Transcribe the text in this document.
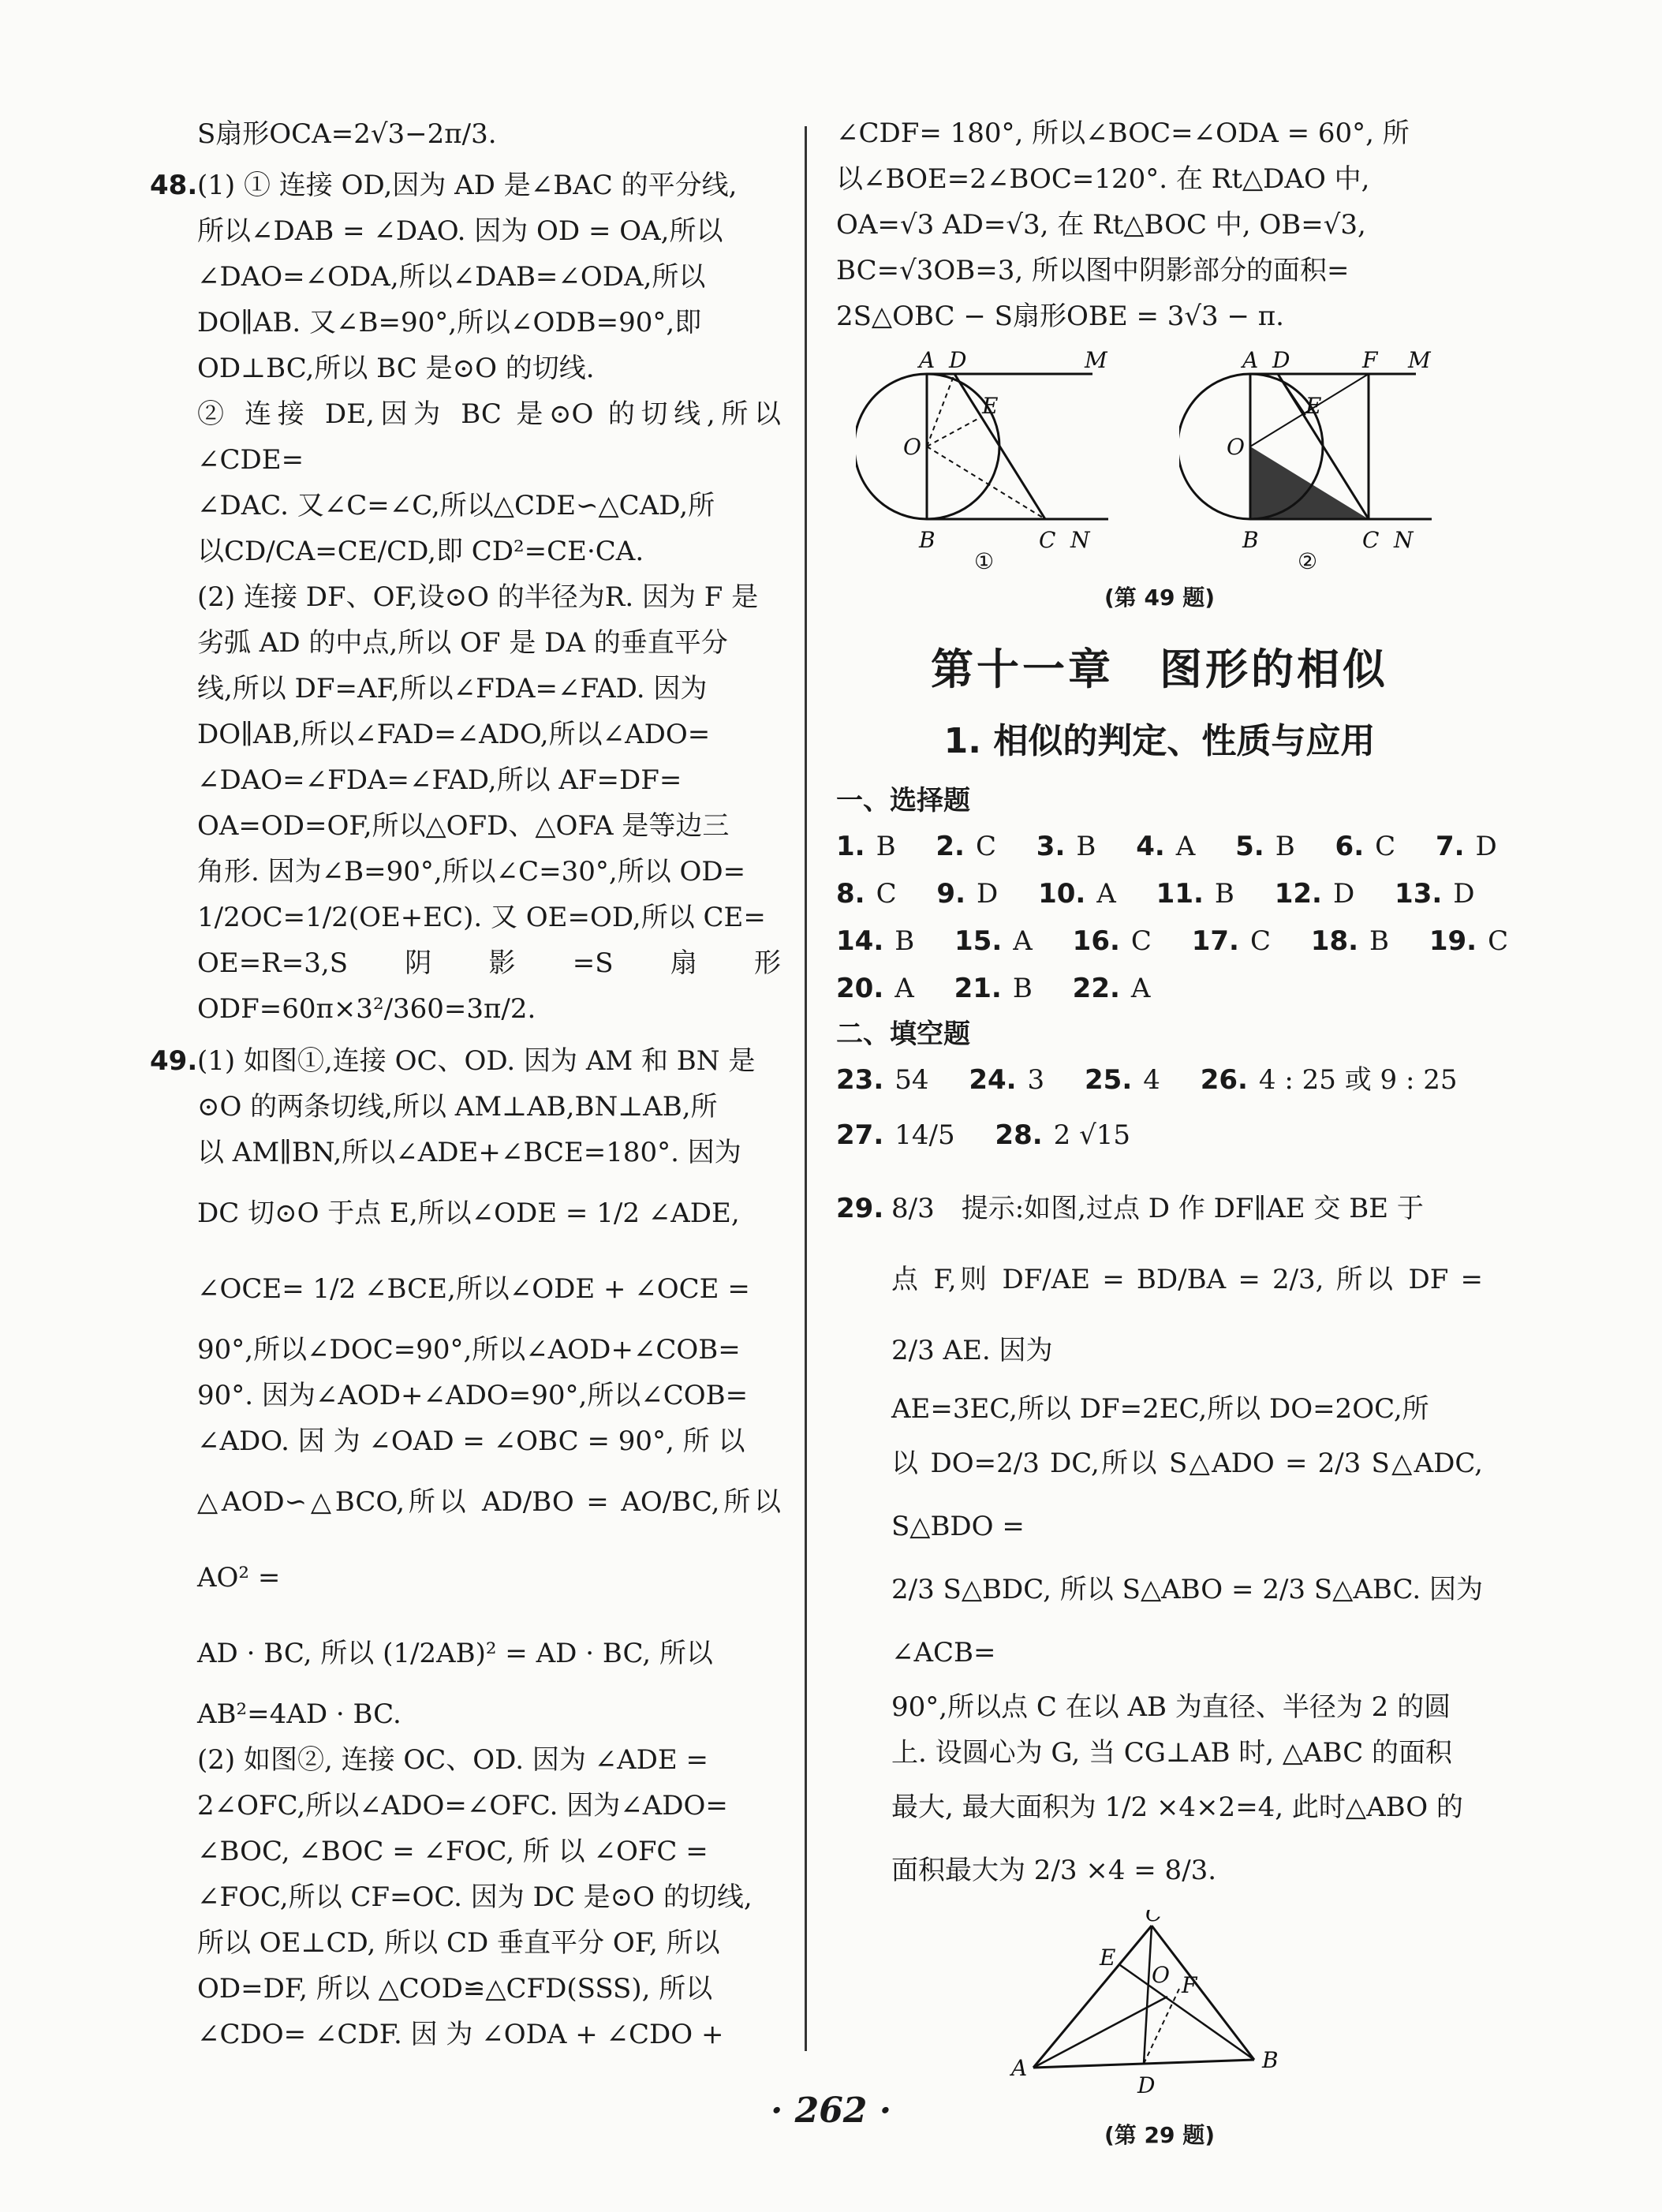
S扇形OCA=2√3−2π/3.

48.(1) ① 连接 OD,因为 AD 是∠BAC 的平分线,

所以∠DAB = ∠DAO. 因为 OD = OA,所以

∠DAO=∠ODA,所以∠DAB=∠ODA,所以

DO∥AB. 又∠B=90°,所以∠ODB=90°,即

OD⊥BC,所以 BC 是⊙O 的切线.

② 连接 DE,因为 BC 是⊙O 的切线,所以∠CDE=

∠DAC. 又∠C=∠C,所以△CDE∽△CAD,所

以CD/CA=CE/CD,即 CD²=CE·CA.

(2) 连接 DF、OF,设⊙O 的半径为R. 因为 F 是

劣弧 AD 的中点,所以 OF 是 DA 的垂直平分

线,所以 DF=AF,所以∠FDA=∠FAD. 因为

DO∥AB,所以∠FAD=∠ADO,所以∠ADO=

∠DAO=∠FDA=∠FAD,所以 AF=DF=

OA=OD=OF,所以△OFD、△OFA 是等边三

角形. 因为∠B=90°,所以∠C=30°,所以 OD=

1/2OC=1/2(OE+EC). 又 OE=OD,所以 CE=

OE=R=3,S阴影=S扇形ODF=60π×3²/360=3π/2.

49.(1) 如图①,连接 OC、OD. 因为 AM 和 BN 是

⊙O 的两条切线,所以 AM⊥AB,BN⊥AB,所

以 AM∥BN,所以∠ADE+∠BCE=180°. 因为

DC 切⊙O 于点 E,所以∠ODE = 1/2 ∠ADE,

∠OCE= 1/2 ∠BCE,所以∠ODE + ∠OCE =

90°,所以∠DOC=90°,所以∠AOD+∠COB=

90°. 因为∠AOD+∠ADO=90°,所以∠COB=

∠ADO. 因 为 ∠OAD = ∠OBC = 90°, 所 以

△AOD∽△BCO,所以 AD/BO = AO/BC,所以 AO² =

AD · BC, 所以 (1/2AB)² = AD · BC, 所以

AB²=4AD · BC.

(2) 如图②, 连接 OC、OD. 因为 ∠ADE =

2∠OFC,所以∠ADO=∠OFC. 因为∠ADO=

∠BOC, ∠BOC = ∠FOC, 所 以 ∠OFC =

∠FOC,所以 CF=OC. 因为 DC 是⊙O 的切线,

所以 OE⊥CD, 所以 CD 垂直平分 OF, 所以

OD=DF, 所以 △COD≌△CFD(SSS), 所以

∠CDO= ∠CDF. 因 为 ∠ODA + ∠CDO +

∠CDF= 180°, 所以∠BOC=∠ODA = 60°, 所

以∠BOE=2∠BOC=120°. 在 Rt△DAO 中,

OA=√3 AD=√3, 在 Rt△BOC 中, OB=√3,

BC=√3OB=3, 所以图中阴影部分的面积=

2S△OBC − S扇形OBE = 3√3 − π.

A D	M
E
O
B	C N
①
A D	F M
E
O
B	C N
②
(第 49 题)
第十一章　图形的相似
1. 相似的判定、性质与应用
一、选择题
1. B 2. C 3. B 4. A 5. B 6. C 7. D
8. C 9. D 10. A 11. B 12. D 13. D
14. B 15. A 16. C 17. C 18. B 19. C
20. A 21. B 22. A
二、填空题
23. 54 24. 3 25. 4 26. 4 : 25 或 9 : 25
27. 14/5 28. 2 √15

29. 8/3　提示:如图,过点 D 作 DF∥AE 交 BE 于

点 F,则 DF/AE = BD/BA = 2/3, 所以 DF = 2/3 AE. 因为

AE=3EC,所以 DF=2EC,所以 DO=2OC,所

以 DO=2/3 DC,所以 S△ADO = 2/3 S△ADC, S△BDO =

2/3 S△BDC, 所以 S△ABO = 2/3 S△ABC. 因为∠ACB=

90°,所以点 C 在以 AB 为直径、半径为 2 的圆

上. 设圆心为 G, 当 CG⊥AB 时, △ABC 的面积

最大, 最大面积为 1/2 ×4×2=4, 此时△ABO 的

面积最大为 2/3 ×4 = 8/3.

C
E
O F
A
D
B
(第 29 题)
· 262 ·
